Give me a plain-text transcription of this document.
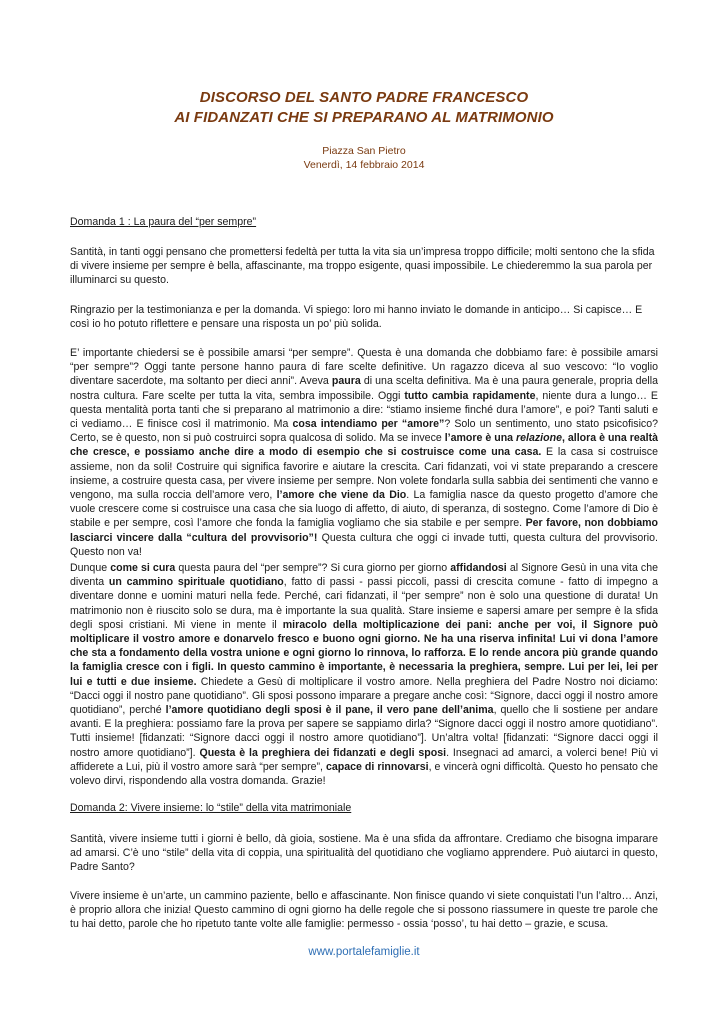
DISCORSO DEL SANTO PADRE FRANCESCO
AI FIDANZATI CHE SI PREPARANO AL MATRIMONIO
Piazza San Pietro
Venerdì, 14 febbraio 2014
Domanda 1 : La paura del “per sempre”
Santità, in tanti oggi pensano che promettersi fedeltà per tutta la vita sia un’impresa troppo difficile; molti sentono che la sfida di vivere insieme per sempre è bella, affascinante, ma troppo esigente, quasi impossibile. Le chiederemmo la sua parola per illuminarci su questo.
Ringrazio per la testimonianza e per la domanda. Vi spiego: loro mi hanno inviato le domande in anticipo… Si capisce… E così io ho potuto riflettere e pensare una risposta un po’ più solida.
E’ importante chiedersi se è possibile amarsi “per sempre”. Questa è una domanda che dobbiamo fare: è possibile amarsi “per sempre”? Oggi tante persone hanno paura di fare scelte definitive. Un ragazzo diceva al suo vescovo: “Io voglio diventare sacerdote, ma soltanto per dieci anni”. Aveva paura di una scelta definitiva. Ma è una paura generale, propria della nostra cultura. Fare scelte per tutta la vita, sembra impossibile. Oggi tutto cambia rapidamente, niente dura a lungo… E questa mentalità porta tanti che si preparano al matrimonio a dire: “stiamo insieme finché dura l’amore”, e poi? Tanti saluti e ci vediamo… E finisce così il matrimonio. Ma cosa intendiamo per “amore”? Solo un sentimento, uno stato psicofisico? Certo, se è questo, non si può costruirci sopra qualcosa di solido. Ma se invece l’amore è una relazione, allora è una realtà che cresce, e possiamo anche dire a modo di esempio che si costruisce come una casa. E la casa si costruisce assieme, non da soli! Costruire qui significa favorire e aiutare la crescita. Cari fidanzati, voi vi state preparando a crescere insieme, a costruire questa casa, per vivere insieme per sempre. Non volete fondarla sulla sabbia dei sentimenti che vanno e vengono, ma sulla roccia dell’amore vero, l’amore che viene da Dio. La famiglia nasce da questo progetto d’amore che vuole crescere come si costruisce una casa che sia luogo di affetto, di aiuto, di speranza, di sostegno. Come l’amore di Dio è stabile e per sempre, così l’amore che fonda la famiglia vogliamo che sia stabile e per sempre. Per favore, non dobbiamo lasciarci vincere dalla “cultura del provvisorio”! Questa cultura che oggi ci invade tutti, questa cultura del provvisorio. Questo non va!
Dunque come si cura questa paura del “per sempre”? Si cura giorno per giorno affidandosi al Signore Gesù in una vita che diventa un cammino spirituale quotidiano, fatto di passi - passi piccoli, passi di crescita comune - fatto di impegno a diventare donne e uomini maturi nella fede. Perché, cari fidanzati, il “per sempre” non è solo una questione di durata! Un matrimonio non è riuscito solo se dura, ma è importante la sua qualità. Stare insieme e sapersi amare per sempre è la sfida degli sposi cristiani. Mi viene in mente il miracolo della moltiplicazione dei pani: anche per voi, il Signore può moltiplicare il vostro amore e donarvelo fresco e buono ogni giorno. Ne ha una riserva infinita! Lui vi dona l’amore che sta a fondamento della vostra unione e ogni giorno lo rinnova, lo rafforza. E lo rende ancora più grande quando la famiglia cresce con i figli. In questo cammino è importante, è necessaria la preghiera, sempre. Lui per lei, lei per lui e tutti e due insieme. Chiedete a Gesù di moltiplicare il vostro amore. Nella preghiera del Padre Nostro noi diciamo: “Dacci oggi il nostro pane quotidiano”. Gli sposi possono imparare a pregare anche così: “Signore, dacci oggi il nostro amore quotidiano”, perché l’amore quotidiano degli sposi è il pane, il vero pane dell’anima, quello che li sostiene per andare avanti. E la preghiera: possiamo fare la prova per sapere se sappiamo dirla? “Signore dacci oggi il nostro amore quotidiano”. Tutti insieme! [fidanzati: “Signore dacci oggi il nostro amore quotidiano”]. Un’altra volta! [fidanzati: “Signore dacci oggi il nostro amore quotidiano”]. Questa è la preghiera dei fidanzati e degli sposi. Insegnaci ad amarci, a volerci bene! Più vi affiderete a Lui, più il vostro amore sarà “per sempre”, capace di rinnovarsi, e vincerà ogni difficoltà. Questo ho pensato che volevo dirvi, rispondendo alla vostra domanda. Grazie!
Domanda 2: Vivere insieme: lo “stile” della vita matrimoniale
Santità, vivere insieme tutti i giorni è bello, dà gioia, sostiene. Ma è una sfida da affrontare. Crediamo che bisogna imparare ad amarsi. C’è uno “stile” della vita di coppia, una spiritualità del quotidiano che vogliamo apprendere. Può aiutarci in questo, Padre Santo?
Vivere insieme è un’arte, un cammino paziente, bello e affascinante. Non finisce quando vi siete conquistati l’un l’altro… Anzi, è proprio allora che inizia! Questo cammino di ogni giorno ha delle regole che si possono riassumere in queste tre parole che tu hai detto, parole che ho ripetuto tante volte alle famiglie: permesso - ossia ‘posso’, tu hai detto – grazie, e scusa.
www.portalefamiglie.it
